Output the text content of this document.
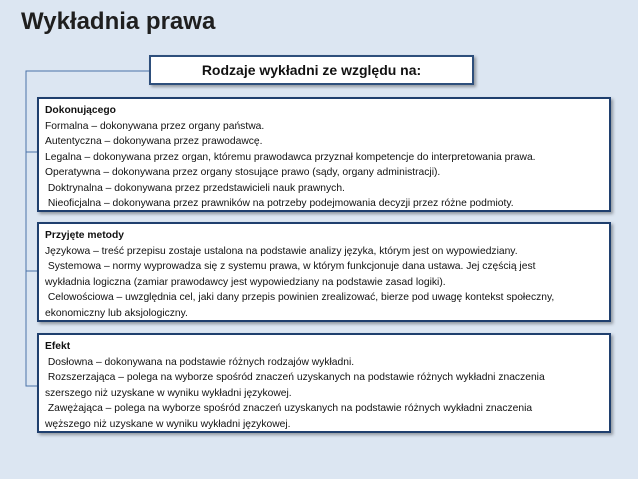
Wykładnia prawa
Rodzaje wykładni ze względu na:
Dokonującego
Formalna – dokonywana przez organy państwa.
Autentyczna – dokonywana przez prawodawcę.
Legalna – dokonywana przez organ, któremu prawodawca przyznał kompetencje do interpretowania prawa.
Operatywna – dokonywana przez organy stosujące prawo (sądy, organy administracji).
Doktrynalna – dokonywana przez przedstawicieli nauk prawnych.
Nieoficjalna – dokonywana przez prawników na potrzeby podejmowania decyzji przez różne podmioty.
Przyjęte metody
Językowa – treść przepisu zostaje ustalona na podstawie analizy języka, którym jest on wypowiedziany.
Systemowa – normy wyprowadza się z systemu prawa, w którym funkcjonuje dana ustawa. Jej częścią jest
wykładnia logiczna (zamiar prawodawcy jest wypowiedziany na podstawie zasad logiki).
Celowościowa – uwzględnia cel, jaki dany przepis powinien zrealizować, bierze pod uwagę kontekst społeczny,
ekonomiczny lub aksjologiczny.
Efekt
Dosłowna – dokonywana na podstawie różnych rodzajów wykładni.
Rozszerzająca – polega na wyborze spośród znaczeń uzyskanych na podstawie różnych wykładni znaczenia
szerszego niż uzyskane w wyniku wykładni językowej.
Zawężająca – polega na wyborze spośród znaczeń uzyskanych na podstawie różnych wykładni znaczenia
węższego niż uzyskane w wyniku wykładni językowej.
